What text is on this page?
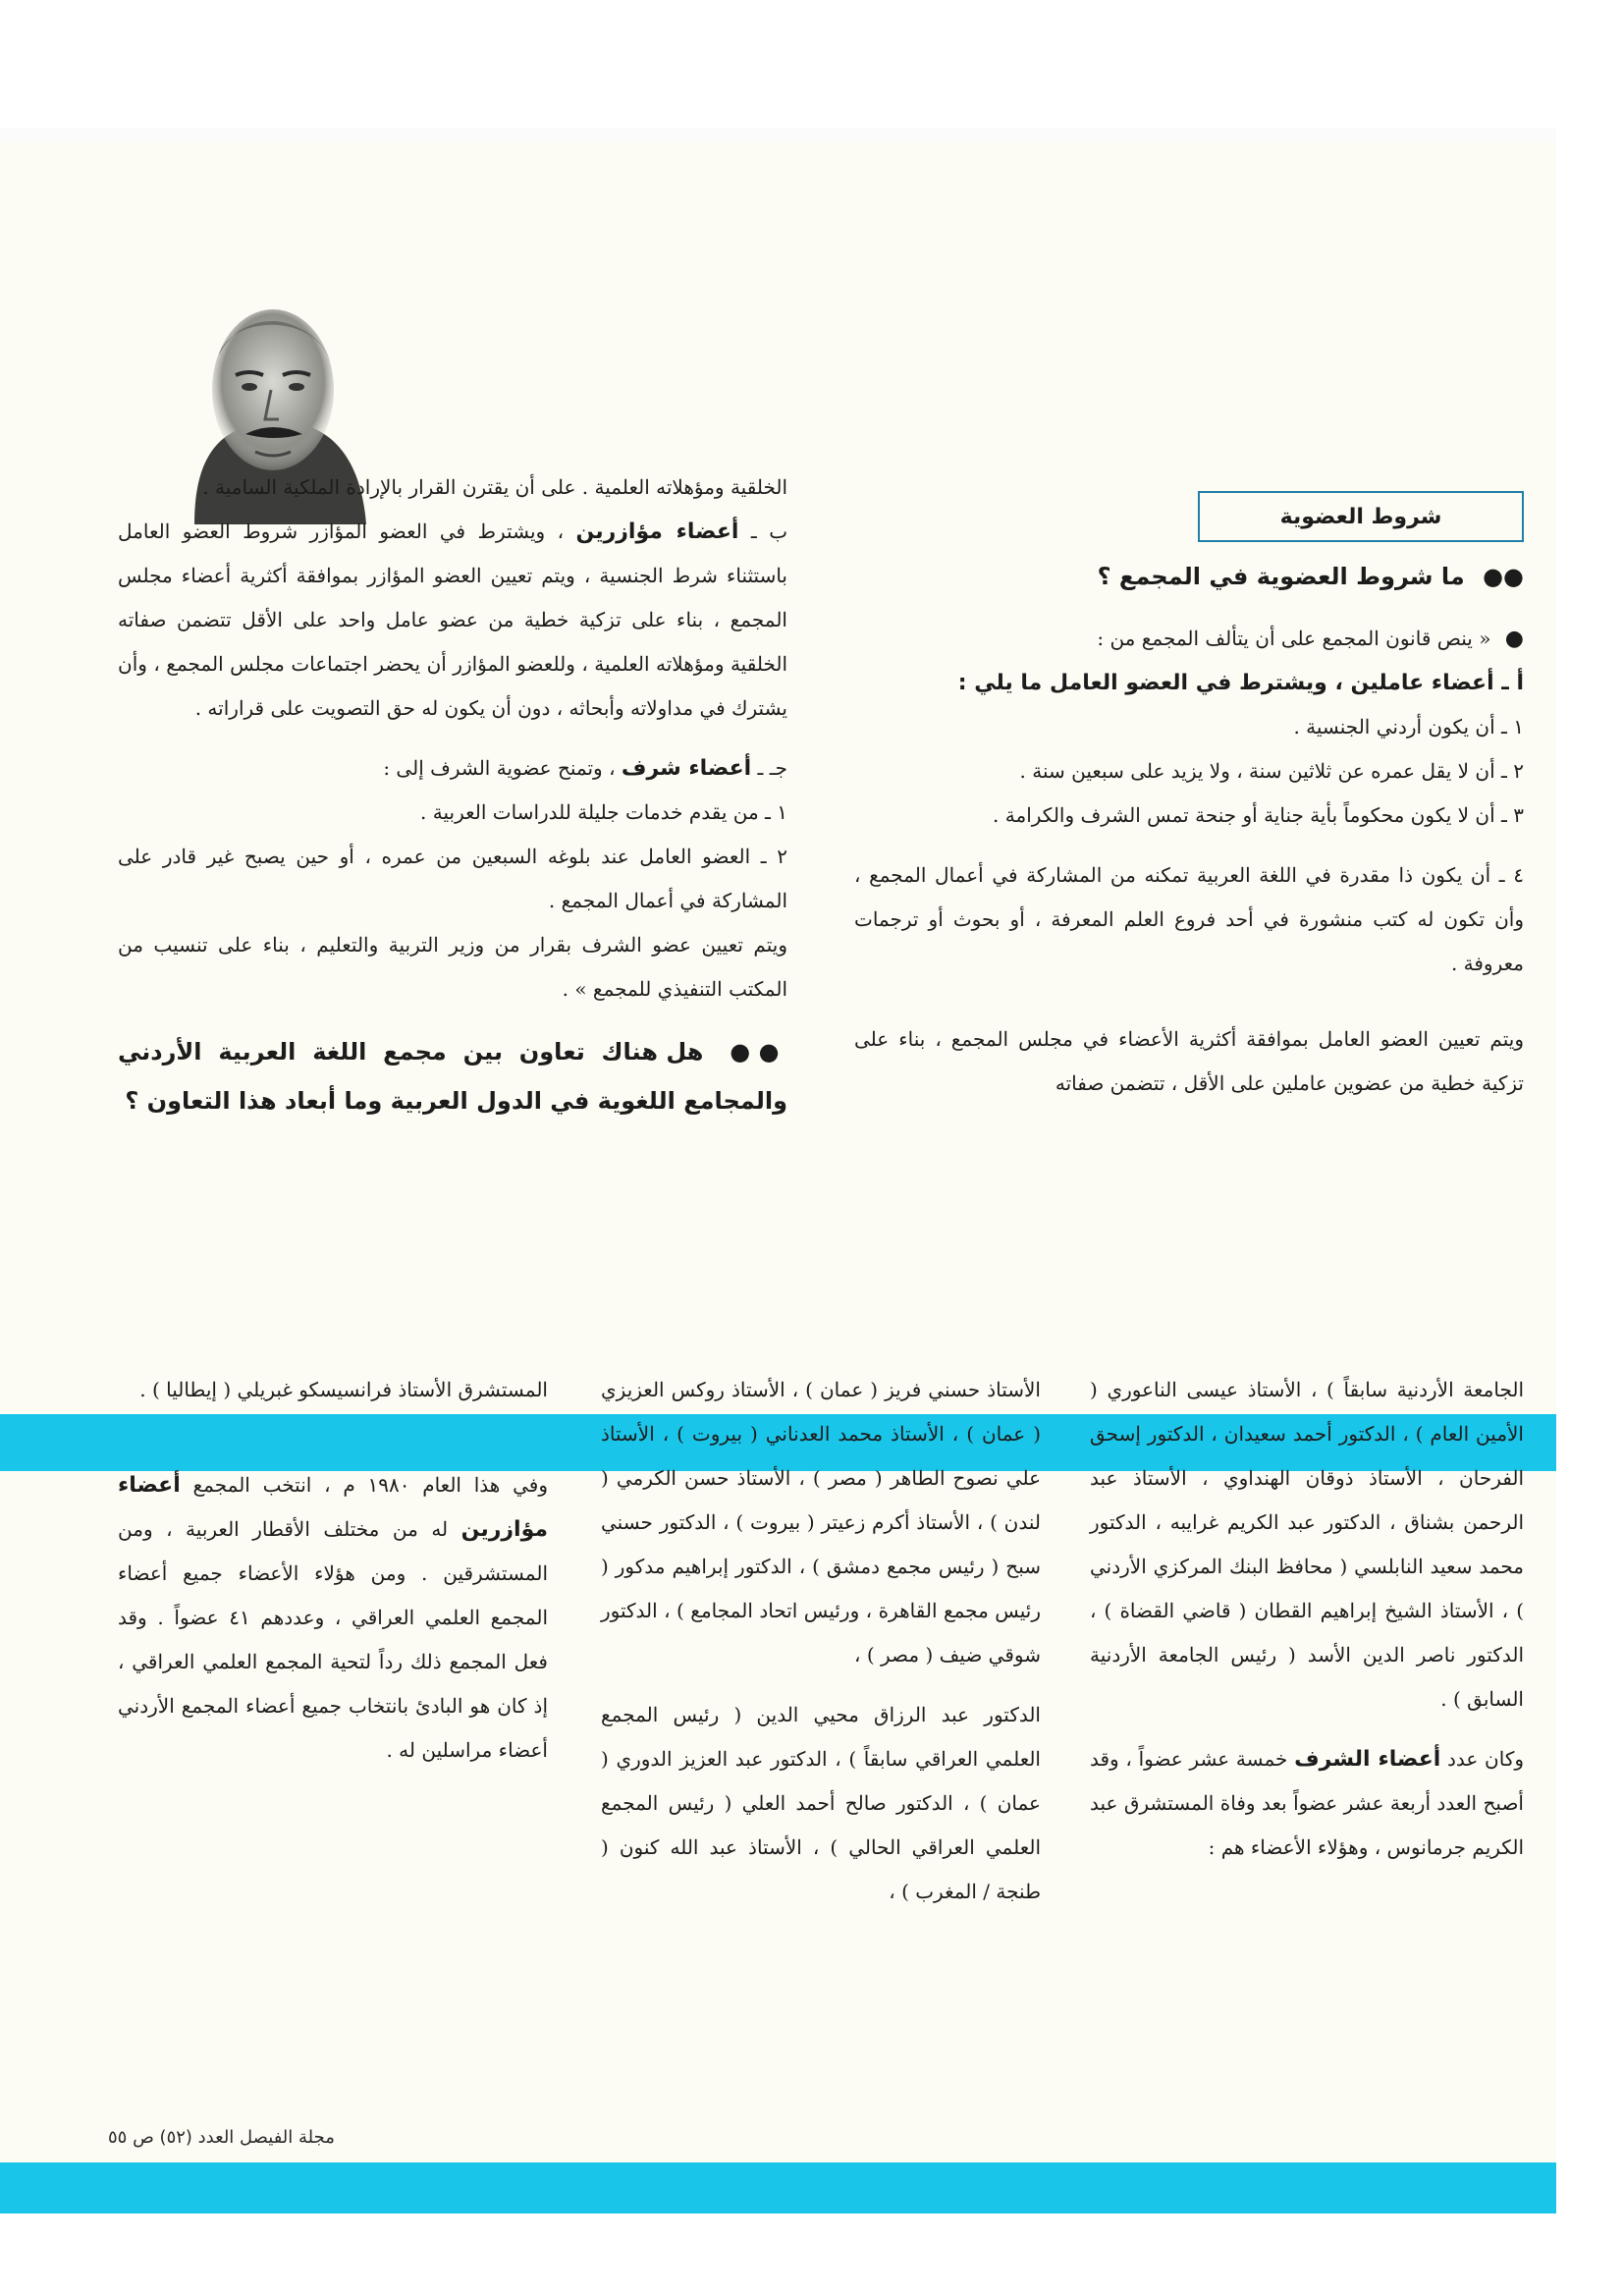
شروط العضوية

●● ما شروط العضوية في المجمع ؟

● « ينص قانون المجمع على أن يتألف المجمع من :

أ ـ أعضاء عاملين ، ويشترط في العضو العامل ما يلي :

١ ـ أن يكون أردني الجنسية .

٢ ـ أن لا يقل عمره عن ثلاثين سنة ، ولا يزيد على سبعين سنة .

٣ ـ أن لا يكون محكوماً بأية جناية أو جنحة تمس الشرف والكرامة .

٤ ـ أن يكون ذا مقدرة في اللغة العربية تمكنه من المشاركة في أعمال المجمع ، وأن تكون له كتب منشورة في أحد فروع العلم المعرفة ، أو بحوث أو ترجمات معروفة .

ويتم تعيين العضو العامل بموافقة أكثرية الأعضاء في مجلس المجمع ، بناء على تزكية خطية من عضوين عاملين على الأقل ، تتضمن صفاته

الخلقية ومؤهلاته العلمية . على أن يقترن القرار بالإرادة الملكية السامية .

ب ـ أعضاء مؤازرين ، ويشترط في العضو المؤازر شروط العضو العامل باستثناء شرط الجنسية ، ويتم تعيين العضو المؤازر بموافقة أكثرية أعضاء مجلس المجمع ، بناء على تزكية خطية من عضو عامل واحد على الأقل تتضمن صفاته الخلقية ومؤهلاته العلمية ، وللعضو المؤازر أن يحضر اجتماعات مجلس المجمع ، وأن يشترك في مداولاته وأبحاثه ، دون أن يكون له حق التصويت على قراراته .

جـ ـ أعضاء شرف ، وتمنح عضوية الشرف إلى :

١ ـ من يقدم خدمات جليلة للدراسات العربية .

٢ ـ العضو العامل عند بلوغه السبعين من عمره ، أو حين يصبح غير قادر على المشاركة في أعمال المجمع .

ويتم تعيين عضو الشرف بقرار من وزير التربية والتعليم ، بناء على تنسيب من المكتب التنفيذي للمجمع » .

●● هل هناك تعاون بين مجمع اللغة العربية الأردني والمجامع اللغوية في الدول العربية وما أبعاد هذا التعاون ؟

الجامعة الأردنية سابقاً ) ، الأستاذ عيسى الناعوري ( الأمين العام ) ، الدكتور أحمد سعيدان ، الدكتور إسحق الفرحان ، الأستاذ ذوقان الهنداوي ، الأستاذ عبد الرحمن بشناق ، الدكتور عبد الكريم غرايبه ، الدكتور محمد سعيد النابلسي ( محافظ البنك المركزي الأردني ) ، الأستاذ الشيخ إبراهيم القطان ( قاضي القضاة ) ، الدكتور ناصر الدين الأسد ( رئيس الجامعة الأردنية السابق ) .

وكان عدد أعضاء الشرف خمسة عشر عضواً ، وقد أصبح العدد أربعة عشر عضواً بعد وفاة المستشرق عبد الكريم جرمانوس ، وهؤلاء الأعضاء هم :

الأستاذ حسني فريز ( عمان ) ، الأستاذ روكس العزيزي ( عمان ) ، الأستاذ محمد العدناني ( بيروت ) ، الأستاذ علي نصوح الطاهر ( مصر ) ، الأستاذ حسن الكرمي ( لندن ) ، الأستاذ أكرم زعيتر ( بيروت ) ، الدكتور حسني سبح ( رئيس مجمع دمشق ) ، الدكتور إبراهيم مدكور ( رئيس مجمع القاهرة ، ورئيس اتحاد المجامع ) ، الدكتور شوقي ضيف ( مصر ) ،

الدكتور عبد الرزاق محيي الدين ( رئيس المجمع العلمي العراقي سابقاً ) ، الدكتور عبد العزيز الدوري ( عمان ) ، الدكتور صالح أحمد العلي ( رئيس المجمع العلمي العراقي الحالي ) ، الأستاذ عبد الله كنون ( طنجة / المغرب ) ،

المستشرق الأستاذ فرانسيسكو غبريلي ( إيطاليا ) .

وفي هذا العام ١٩٨٠ م ، انتخب المجمع أعضاء مؤازرين له من مختلف الأقطار العربية ، ومن المستشرقين . ومن هؤلاء الأعضاء جميع أعضاء المجمع العلمي العراقي ، وعددهم ٤١ عضواً . وقد فعل المجمع ذلك رداً لتحية المجمع العلمي العراقي ، إذ كان هو البادئ بانتخاب جميع أعضاء المجمع الأردني أعضاء مراسلين له .

مجلة الفيصل العدد (٥٢) ص ٥٥
